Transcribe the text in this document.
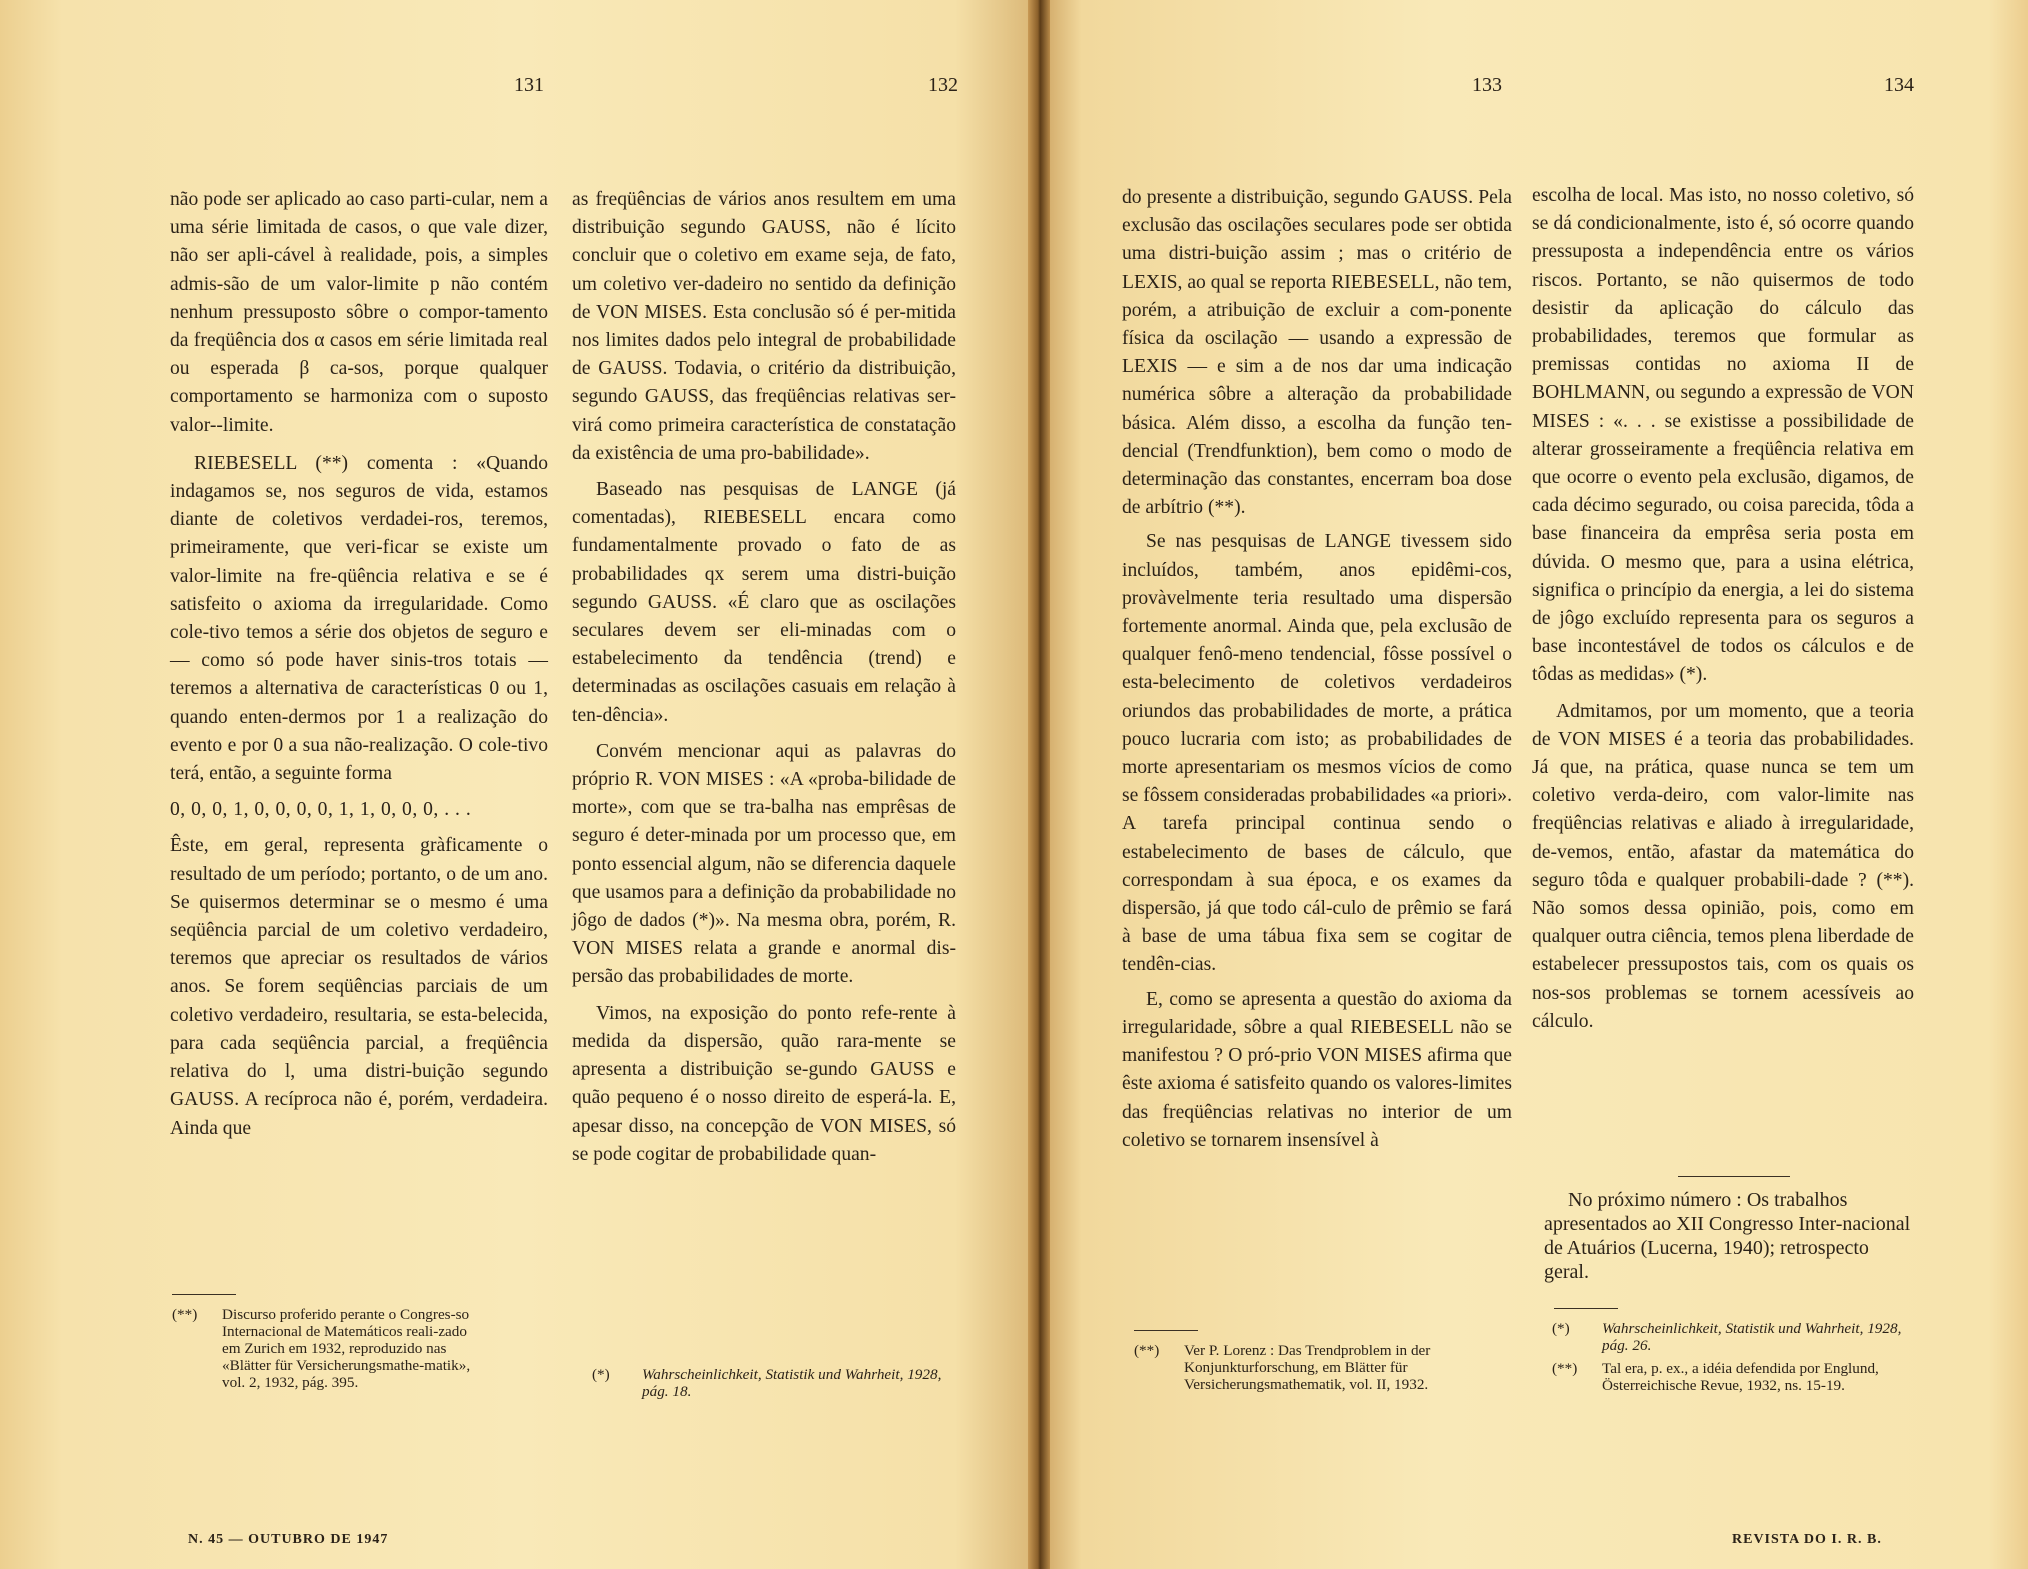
131	132

não pode ser aplicado ao caso parti-cular, nem a uma série limitada de casos, o que vale dizer, não ser apli-cável à realidade, pois, a simples admis-são de um valor-limite p não contém nenhum pressuposto sôbre o compor-tamento da freqüência dos α casos em série limitada real ou esperada β ca-sos, porque qualquer comportamento se harmoniza com o suposto valor--limite.

RIEBESELL (**) comenta : «Quando indagamos se, nos seguros de vida, estamos diante de coletivos verdadei-ros, teremos, primeiramente, que veri-ficar se existe um valor-limite na fre-qüência relativa e se é satisfeito o axioma da irregularidade. Como cole-tivo temos a série dos objetos de seguro e — como só pode haver sinis-tros totais — teremos a alternativa de características 0 ou 1, quando enten-dermos por 1 a realização do evento e por 0 a sua não-realização. O cole-tivo terá, então, a seguinte forma

0, 0, 0, 1, 0, 0, 0, 0, 1, 1, 0, 0, 0, . . .

Êste, em geral, representa gràficamente o resultado de um período; portanto, o de um ano. Se quisermos determinar se o mesmo é uma seqüência parcial de um coletivo verdadeiro, teremos que apreciar os resultados de vários anos. Se forem seqüências parciais de um coletivo verdadeiro, resultaria, se esta-belecida, para cada seqüência parcial, a freqüência relativa do l, uma distri-buição segundo GAUSS. A recíproca não é, porém, verdadeira. Ainda que

(**) Discurso proferido perante o Congres-so Internacional de Matemáticos reali-zado em Zurich em 1932, reproduzido nas «Blätter für Versicherungsmathe-matik», vol. 2, 1932, pág. 395.

as freqüências de vários anos resultem em uma distribuição segundo GAUSS, não é lícito concluir que o coletivo em exame seja, de fato, um coletivo ver-dadeiro no sentido da definição de VON MISES. Esta conclusão só é per-mitida nos limites dados pelo integral de probabilidade de GAUSS. Todavia, o critério da distribuição, segundo GAUSS, das freqüências relativas ser-virá como primeira característica de constatação da existência de uma pro-babilidade».

Baseado nas pesquisas de LANGE (já comentadas), RIEBESELL encara como fundamentalmente provado o fato de as probabilidades qx serem uma distri-buição segundo GAUSS. «É claro que as oscilações seculares devem ser eli-minadas com o estabelecimento da tendência (trend) e determinadas as oscilações casuais em relação à ten-dência».

Convém mencionar aqui as palavras do próprio R. VON MISES : «A «proba-bilidade de morte», com que se tra-balha nas emprêsas de seguro é deter-minada por um processo que, em ponto essencial algum, não se diferencia daquele que usamos para a definição da probabilidade no jôgo de dados (*)». Na mesma obra, porém, R. VON MISES relata a grande e anormal dis-persão das probabilidades de morte.

Vimos, na exposição do ponto refe-rente à medida da dispersão, quão rara-mente se apresenta a distribuição se-gundo GAUSS e quão pequeno é o nosso direito de esperá-la. E, apesar disso, na concepção de VON MISES, só se pode cogitar de probabilidade quan-

(*) Wahrscheinlichkeit, Statistik und Wahrheit, 1928, pág. 18.
N. 45 — OUTUBRO DE 1947
133	134

do presente a distribuição, segundo GAUSS. Pela exclusão das oscilações seculares pode ser obtida uma distri-buição assim ; mas o critério de LEXIS, ao qual se reporta RIEBESELL, não tem, porém, a atribuição de excluir a com-ponente física da oscilação — usando a expressão de LEXIS — e sim a de nos dar uma indicação numérica sôbre a alteração da probabilidade básica. Além disso, a escolha da função ten-dencial (Trendfunktion), bem como o modo de determinação das constantes, encerram boa dose de arbítrio (**).

Se nas pesquisas de LANGE tivessem sido incluídos, também, anos epidêmi-cos, provàvelmente teria resultado uma dispersão fortemente anormal. Ainda que, pela exclusão de qualquer fenô-meno tendencial, fôsse possível o esta-belecimento de coletivos verdadeiros oriundos das probabilidades de morte, a prática pouco lucraria com isto; as probabilidades de morte apresentariam os mesmos vícios de como se fôssem consideradas probabilidades «a priori». A tarefa principal continua sendo o estabelecimento de bases de cálculo, que correspondam à sua época, e os exames da dispersão, já que todo cál-culo de prêmio se fará à base de uma tábua fixa sem se cogitar de tendên-cias.

E, como se apresenta a questão do axioma da irregularidade, sôbre a qual RIEBESELL não se manifestou ? O pró-prio VON MISES afirma que êste axioma é satisfeito quando os valores-limites das freqüências relativas no interior de um coletivo se tornarem insensível à

(**) Ver P. Lorenz : Das Trendproblem in der Konjunkturforschung, em Blätter für Versicherungsmathematik, vol. II, 1932.

escolha de local. Mas isto, no nosso coletivo, só se dá condicionalmente, isto é, só ocorre quando pressuposta a independência entre os vários riscos. Portanto, se não quisermos de todo desistir da aplicação do cálculo das probabilidades, teremos que formular as premissas contidas no axioma II de BOHLMANN, ou segundo a expressão de VON MISES : «. . . se existisse a possibilidade de alterar grosseiramente a freqüência relativa em que ocorre o evento pela exclusão, digamos, de cada décimo segurado, ou coisa parecida, tôda a base financeira da emprêsa seria posta em dúvida. O mesmo que, para a usina elétrica, significa o princípio da energia, a lei do sistema de jôgo excluído representa para os seguros a base incontestável de todos os cálculos e de tôdas as medidas» (*).

Admitamos, por um momento, que a teoria de VON MISES é a teoria das probabilidades. Já que, na prática, quase nunca se tem um coletivo verda-deiro, com valor-limite nas freqüências relativas e aliado à irregularidade, de-vemos, então, afastar da matemática do seguro tôda e qualquer probabili-dade ? (**). Não somos dessa opinião, pois, como em qualquer outra ciência, temos plena liberdade de estabelecer pressupostos tais, com os quais os nos-sos problemas se tornem acessíveis ao cálculo.

No próximo número : Os trabalhos apresentados ao XII Congresso Inter-nacional de Atuários (Lucerna, 1940); retrospecto geral.

(*) Wahrscheinlichkeit, Statistik und Wahrheit, 1928, pág. 26.
(**) Tal era, p. ex., a idéia defendida por Englund, Österreichische Revue, 1932, ns. 15-19.
REVISTA DO I. R. B.
